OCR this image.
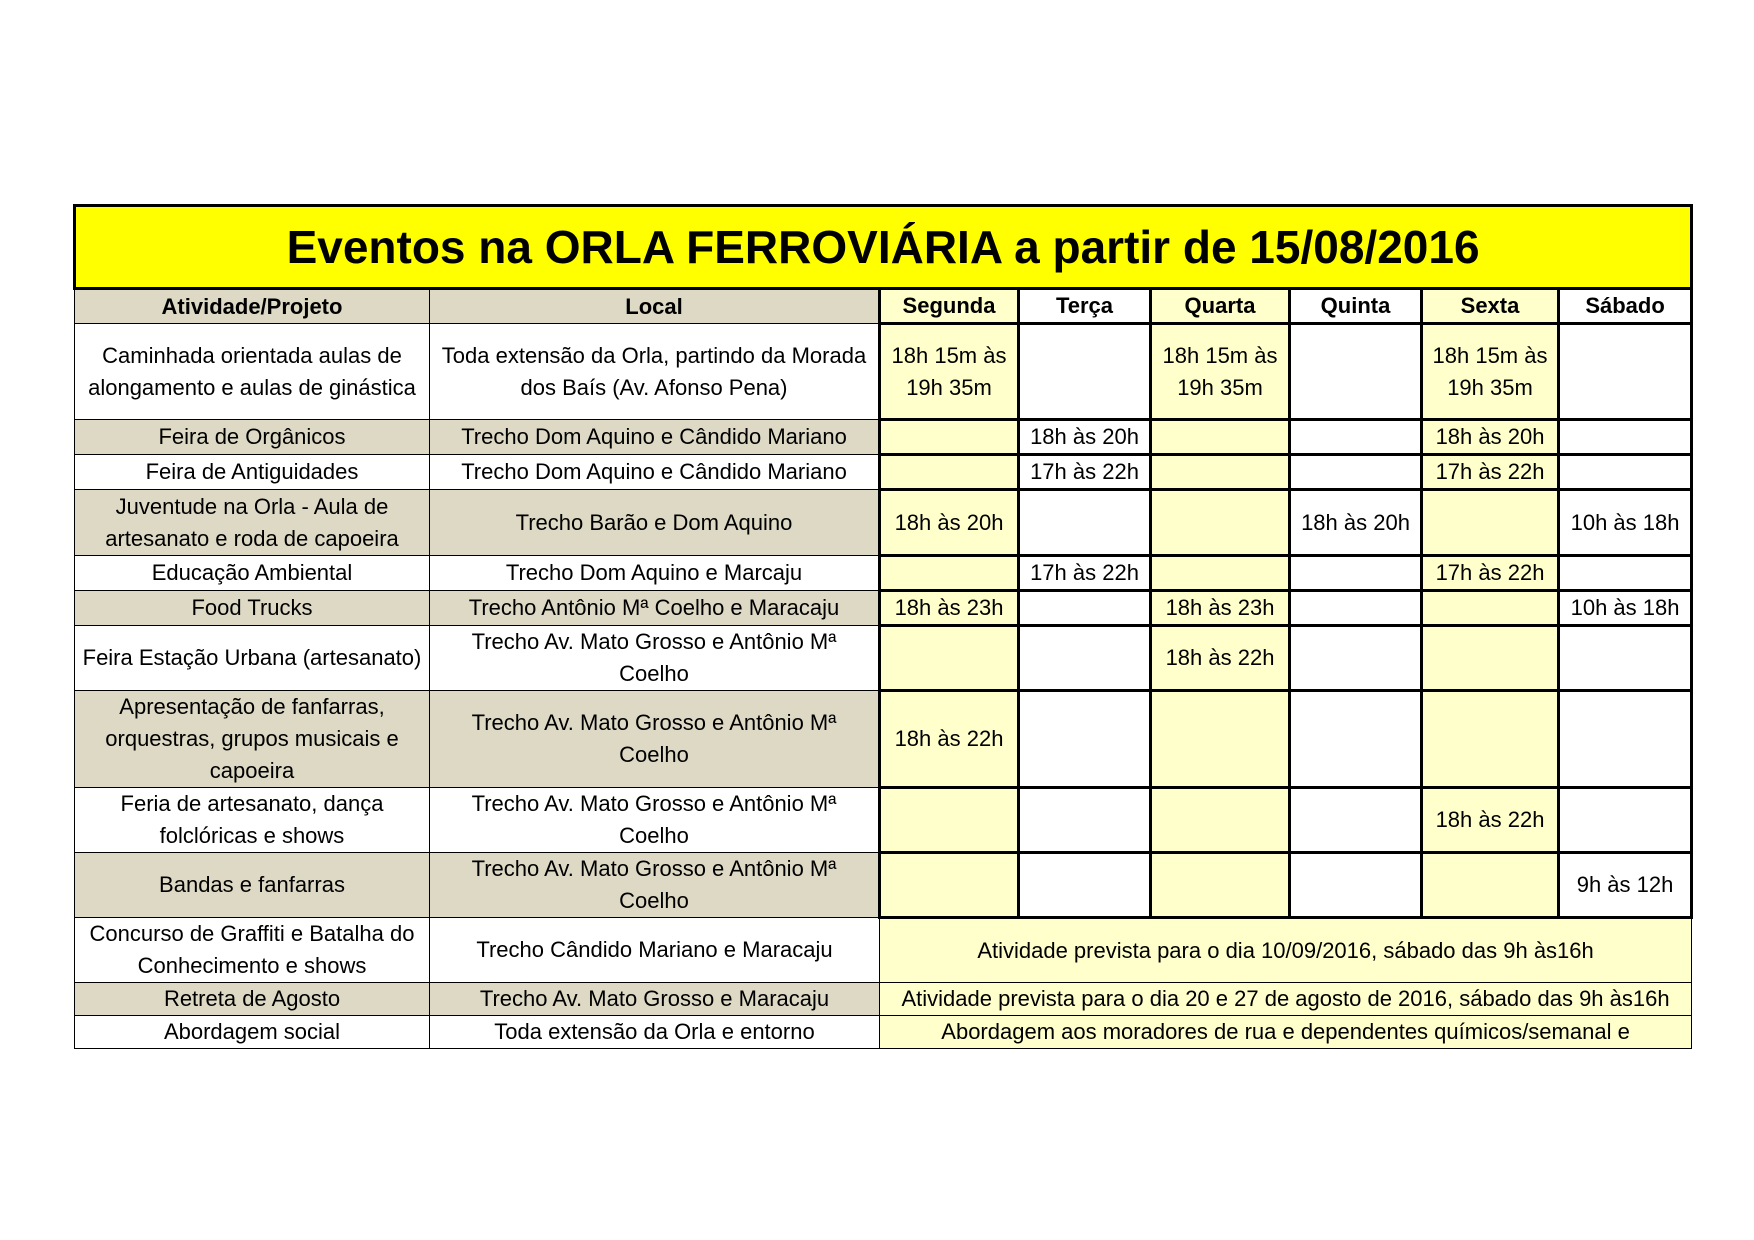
Eventos na ORLA FERROVIÁRIA a partir de 15/08/2016							
Atividade/Projeto	Local	Segunda	Terça	Quarta	Quinta	Sexta	Sábado
Caminhada orientada aulas de alongamento e aulas de ginástica	Toda extensão da Orla, partindo da Morada dos Baís (Av. Afonso Pena)	18h 15m às 19h 35m		18h 15m às 19h 35m		18h 15m às 19h 35m	
Feira de Orgânicos	Trecho Dom Aquino e Cândido Mariano		18h às 20h			18h às 20h	
Feira de Antiguidades	Trecho Dom Aquino e Cândido Mariano		17h às 22h			17h às 22h	
Juventude na Orla - Aula de artesanato e roda de capoeira	Trecho Barão e Dom Aquino	18h às 20h			18h às 20h		10h às 18h
Educação Ambiental	Trecho Dom Aquino e Marcaju		17h às 22h			17h às 22h	
Food Trucks	Trecho Antônio Mª Coelho e Maracaju	18h às 23h		18h às 23h			10h às 18h
Feira Estação Urbana (artesanato)	Trecho Av. Mato Grosso e Antônio Mª Coelho			18h às 22h			
Apresentação de fanfarras, orquestras, grupos musicais e capoeira	Trecho Av. Mato Grosso e Antônio Mª Coelho	18h às 22h					
Feria de artesanato, dança folclóricas e shows	Trecho Av. Mato Grosso e Antônio Mª Coelho					18h às 22h	
Bandas e fanfarras	Trecho Av. Mato Grosso e Antônio Mª Coelho						9h às 12h
Concurso de Graffiti e Batalha do Conhecimento e shows	Trecho Cândido Mariano e Maracaju	Atividade prevista para o dia 10/09/2016, sábado das 9h às16h					
Retreta de Agosto	Trecho Av. Mato Grosso e Maracaju	Atividade prevista para o dia 20 e 27 de agosto de 2016, sábado das 9h às16h					
Abordagem social	Toda extensão da Orla e entorno	Abordagem aos moradores de rua e dependentes químicos/semanal e					
